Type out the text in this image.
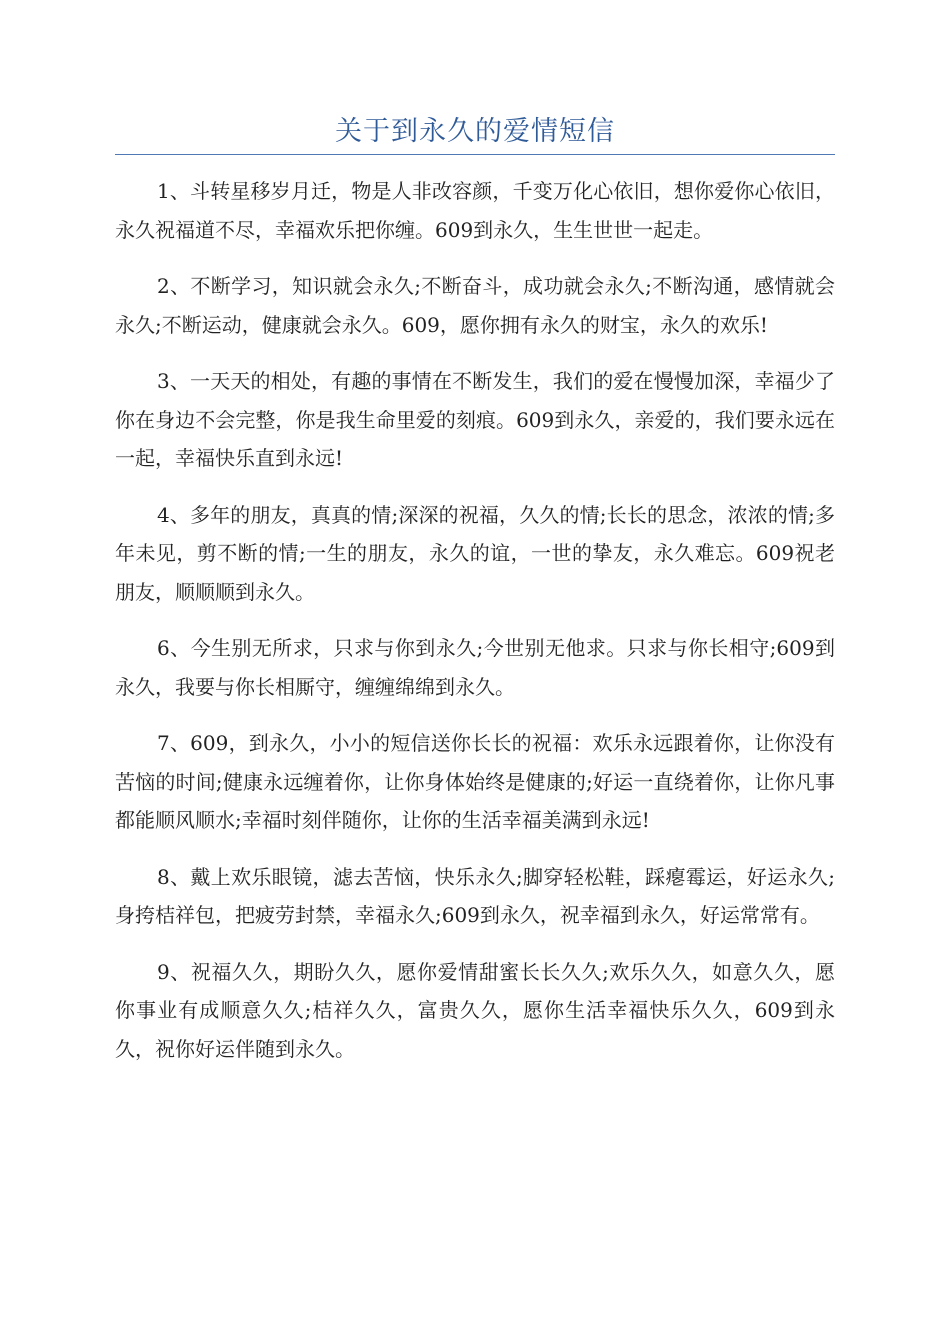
关于到永久的爱情短信

1、斗转星移岁月迁，物是人非改容颜，千变万化心依旧，想你爱你心依旧，永久祝福道不尽，幸福欢乐把你缠。609到永久，生生世世一起走。

2、不断学习，知识就会永久;不断奋斗，成功就会永久;不断沟通，感情就会永久;不断运动，健康就会永久。609，愿你拥有永久的财宝，永久的欢乐!

3、一天天的相处，有趣的事情在不断发生，我们的爱在慢慢加深，幸福少了你在身边不会完整，你是我生命里爱的刻痕。609到永久，亲爱的，我们要永远在一起，幸福快乐直到永远!

4、多年的朋友，真真的情;深深的祝福，久久的情;长长的思念，浓浓的情;多年未见，剪不断的情;一生的朋友，永久的谊，一世的挚友，永久难忘。609祝老朋友，顺顺顺到永久。

6、今生别无所求，只求与你到永久;今世别无他求。只求与你长相守;609到永久，我要与你长相厮守，缠缠绵绵到永久。

7、609，到永久，小小的短信送你长长的祝福：欢乐永远跟着你，让你没有苦恼的时间;健康永远缠着你，让你身体始终是健康的;好运一直绕着你，让你凡事都能顺风顺水;幸福时刻伴随你，让你的生活幸福美满到永远!

8、戴上欢乐眼镜，滤去苦恼，快乐永久;脚穿轻松鞋，踩瘪霉运，好运永久;身挎桔祥包，把疲劳封禁，幸福永久;609到永久，祝幸福到永久，好运常常有。

9、祝福久久，期盼久久，愿你爱情甜蜜长长久久;欢乐久久，如意久久，愿你事业有成顺意久久;桔祥久久，富贵久久，愿你生活幸福快乐久久，609到永久，祝你好运伴随到永久。
